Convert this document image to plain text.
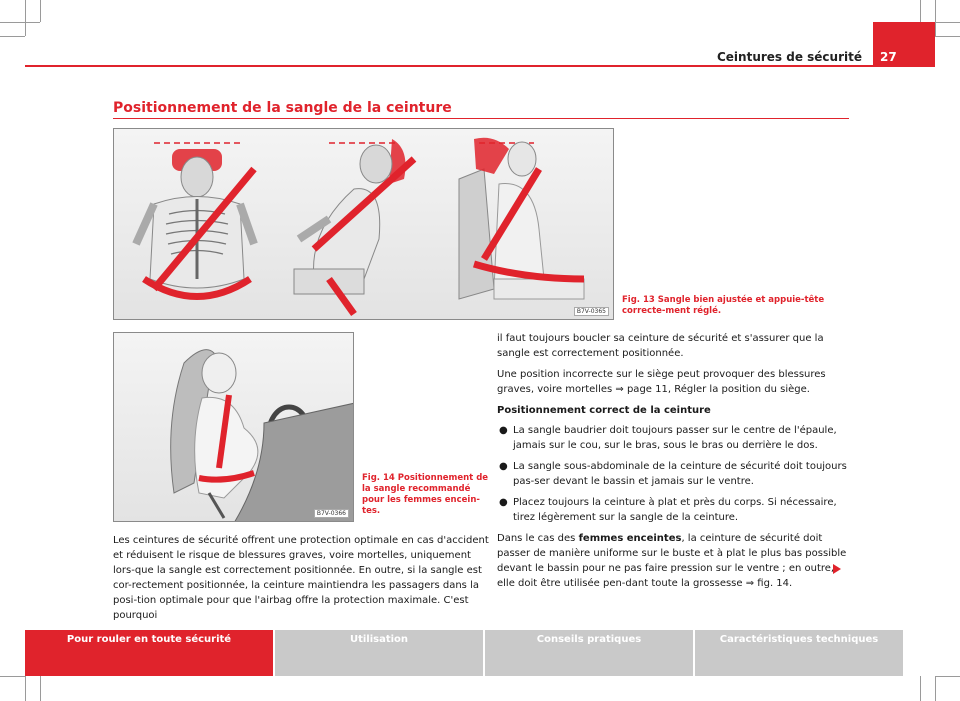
27
Ceintures de sécurité
Positionnement de la sangle de la ceinture
B7V-0365
Fig. 13 Sangle bien ajustée et appuie-tête correcte-ment réglé.
B7V-0366
Fig. 14 Positionnement de la sangle recommandé pour les femmes encein-tes.

Les ceintures de sécurité offrent une protection optimale en cas d'accident et réduisent le risque de blessures graves, voire mortelles, uniquement lors-que la sangle est correctement positionnée. En outre, si la sangle est cor-rectement positionnée, la ceinture maintiendra les passagers dans la posi-tion optimale pour que l'airbag offre la protection maximale. C'est pourquoi

il faut toujours boucler sa ceinture de sécurité et s'assurer que la sangle est correctement positionnée.

Une position incorrecte sur le siège peut provoquer des blessures graves, voire mortelles ⇒ page 11, Régler la position du siège.

Positionnement correct de la ceinture
● La sangle baudrier doit toujours passer sur le centre de l'épaule, jamais sur le cou, sur le bras, sous le bras ou derrière le dos.
● La sangle sous-abdominale de la ceinture de sécurité doit toujours pas-ser devant le bassin et jamais sur le ventre.
● Placez toujours la ceinture à plat et près du corps. Si nécessaire, tirez légèrement sur la sangle de la ceinture.

Dans le cas des femmes enceintes, la ceinture de sécurité doit passer de manière uniforme sur le buste et à plat le plus bas possible devant le bassin pour ne pas faire pression sur le ventre ; en outre, elle doit être utilisée pen-dant toute la grossesse ⇒ fig. 14.

Pour rouler en toute sécurité	Utilisation	Conseils pratiques	Caractéristiques techniques
